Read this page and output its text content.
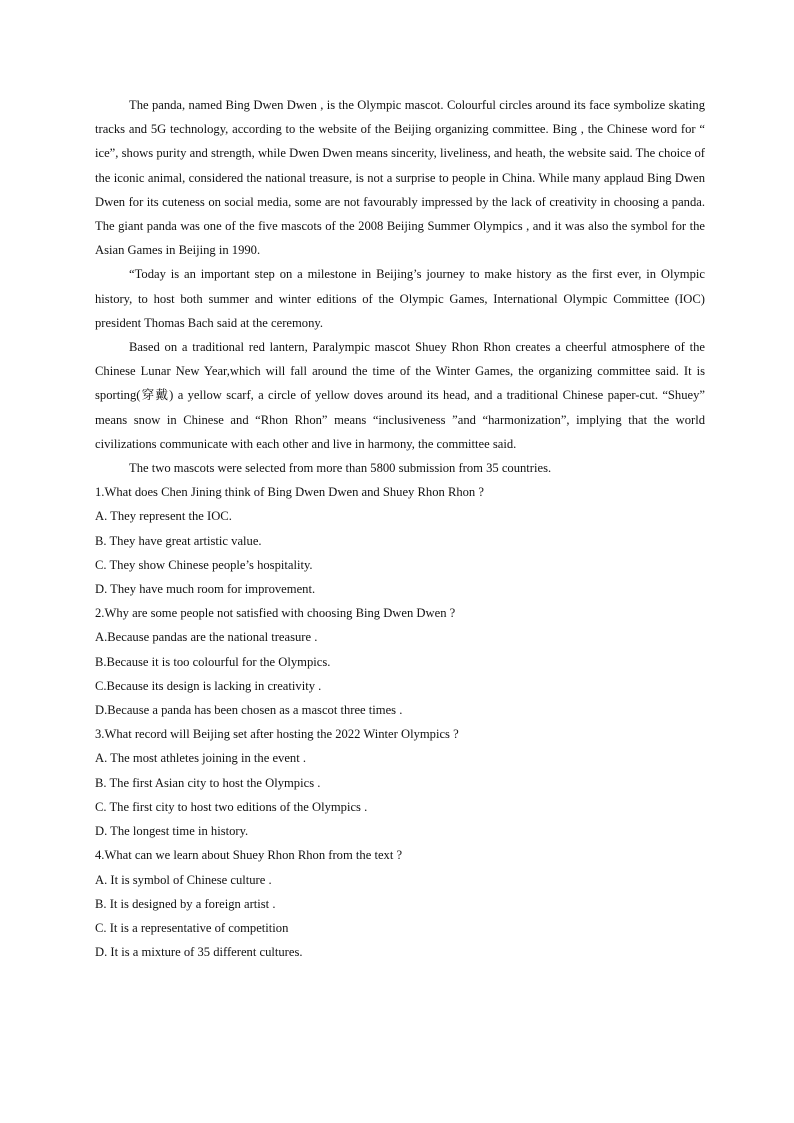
The panda, named Bing Dwen Dwen , is the Olympic mascot. Colourful circles around its face symbolize skating tracks and 5G technology, according to the website of the Beijing organizing committee. Bing , the Chinese word for “ ice”, shows purity and strength, while Dwen Dwen means sincerity, liveliness, and heath, the website said. The choice of the iconic animal, considered the national treasure, is not a surprise to people in China. While many applaud Bing Dwen Dwen for its cuteness on social media, some are not favourably impressed by the lack of creativity in choosing a panda. The giant panda was one of the five mascots of the 2008 Beijing Summer Olympics , and it was also the symbol for the Asian Games in Beijing in 1990.

“Today is an important step on a milestone in Beijing’s journey to make history as the first ever, in Olympic history, to host both summer and winter editions of the Olympic Games, International Olympic Committee (IOC) president Thomas Bach said at the ceremony.

Based on a traditional red lantern, Paralympic mascot Shuey Rhon Rhon creates a cheerful atmosphere of the Chinese Lunar New Year,which will fall around the time of the Winter Games, the organizing committee said. It is sporting(穿戴) a yellow scarf, a circle of yellow doves around its head, and a traditional Chinese paper-cut. “Shuey” means snow in Chinese and “Rhon Rhon” means “inclusiveness ”and “harmonization”, implying that the world civilizations communicate with each other and live in harmony, the committee said.

The two mascots were selected from more than 5800 submission from 35 countries.

1.What does Chen Jining think of Bing Dwen Dwen and Shuey Rhon Rhon ?

A. They represent the IOC.

B. They have great artistic value.

C. They show Chinese people’s hospitality.

D. They have much room for improvement.

2.Why are some people not satisfied with choosing Bing Dwen Dwen ?

A.Because pandas are the national treasure .

B.Because it is too colourful for the Olympics.

C.Because its design is lacking in creativity .

D.Because a panda has been chosen as a mascot three times .

3.What record will Beijing set after hosting the 2022 Winter Olympics ?

A. The most athletes joining in the event .

B. The first Asian city to host the Olympics .

C. The first city to host two editions of the Olympics .

D. The longest time in history.

4.What can we learn about Shuey Rhon Rhon from the text ?

A. It is symbol of Chinese culture .

B. It is designed by a foreign artist .

C. It is a representative of competition

D. It is a mixture of 35 different cultures.
